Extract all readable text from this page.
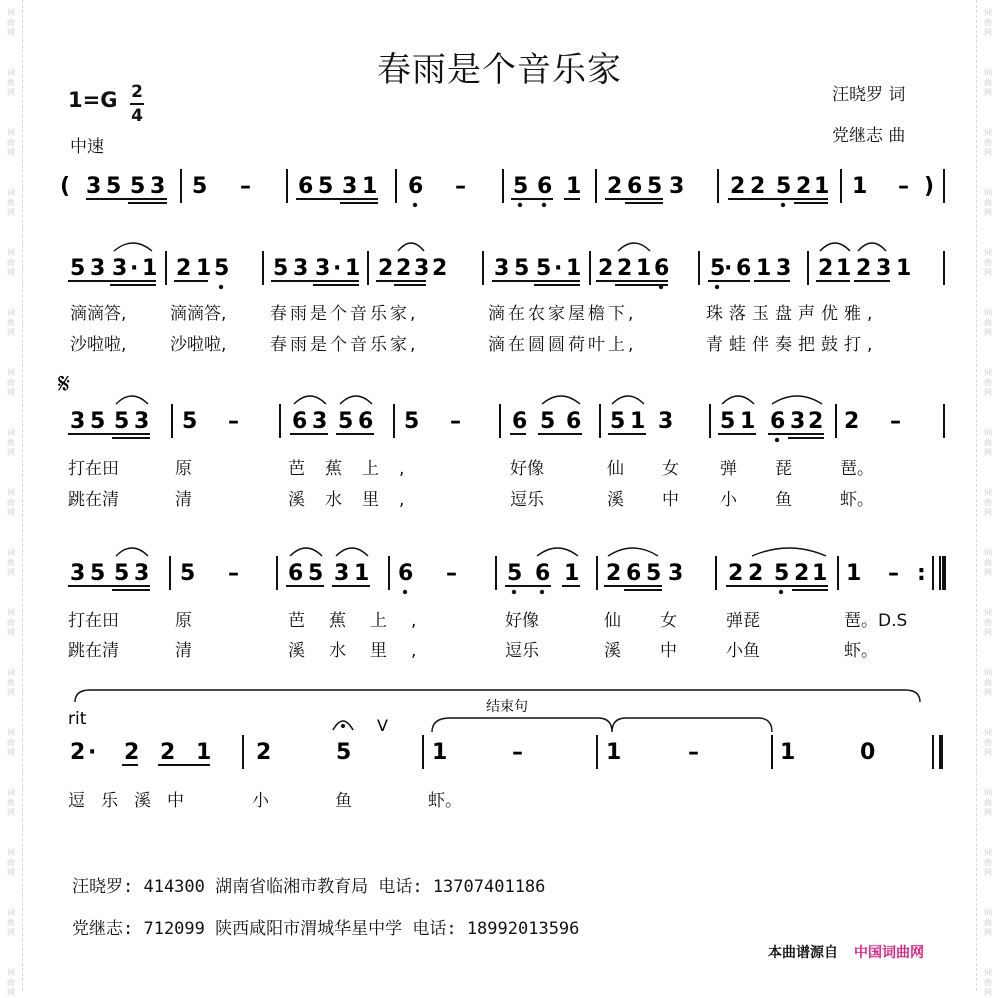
词
曲
网
词
曲
网
词
曲
网
词
曲
网
词
曲
网
词
曲
网
词
曲
网
词
曲
网
词
曲
网
词
曲
网
词
曲
网
词
曲
网
词
曲
网
词
曲
网
词
曲
网
词
曲
网
词
曲
网
词
曲
网
词
曲
网
词
曲
网
词
曲
网
词
曲
网
词
曲
网
词
曲
网
词
曲
网
词
曲
网
词
曲
网
词
曲
网
词
曲
网
词
曲
网
词
曲
网
词
曲
网
词
曲
网
词
曲
网
春雨是个音乐家
1=G 2
4
中速
汪晓罗 词
党继志 曲
( 3 5 5 3 5 – 6 5 3 1 6 – 5 6 1 2 6 5 3 2 2 5 2 1 1 – )
5 3 3 · 1 2 1 5 5 3 3 · 1 2 2 3 2 3 5 5 · 1 2 2 1 6 5
· 6 1 3 2 1 2 3 1
3 5 5 3 5 – 6 3 5 6 5 – 6 5 6 5 1 3 5 1 6 3 2 2 –
3 5 5 3 5 – 6 5 3 1 6 – 5 6 1 2 6 5 3 2 2 5 2 1 1 – :
2 · 2 2 1 2	5	1	–	1	–	1	0
𝄋
rit
结束句
V
滴滴答,	滴滴答,	春雨是个音乐家,	滴在农家屋檐下,	珠落玉盘声优雅,
沙啦啦,	沙啦啦,	春雨是个音乐家,	滴在圆圆荷叶上,	青蛙伴奏把鼓打,
打在田	原	芭蕉上,	好像	仙 女 弹 琵	琶。
跳在清	清	溪水里,	逗乐	溪 中 小 鱼	虾。
打在田	原	芭蕉上,	好像	仙 女	弹琵	琶。D.S
跳在清	清	溪水里,	逗乐	溪 中	小鱼	虾。
逗乐溪中	小	鱼	虾。
汪晓罗: 414300 湖南省临湘市教育局 电话: 13707401186
党继志: 712099 陕西咸阳市渭城华星中学 电话: 18992013596
本曲谱源自 中国词曲网
